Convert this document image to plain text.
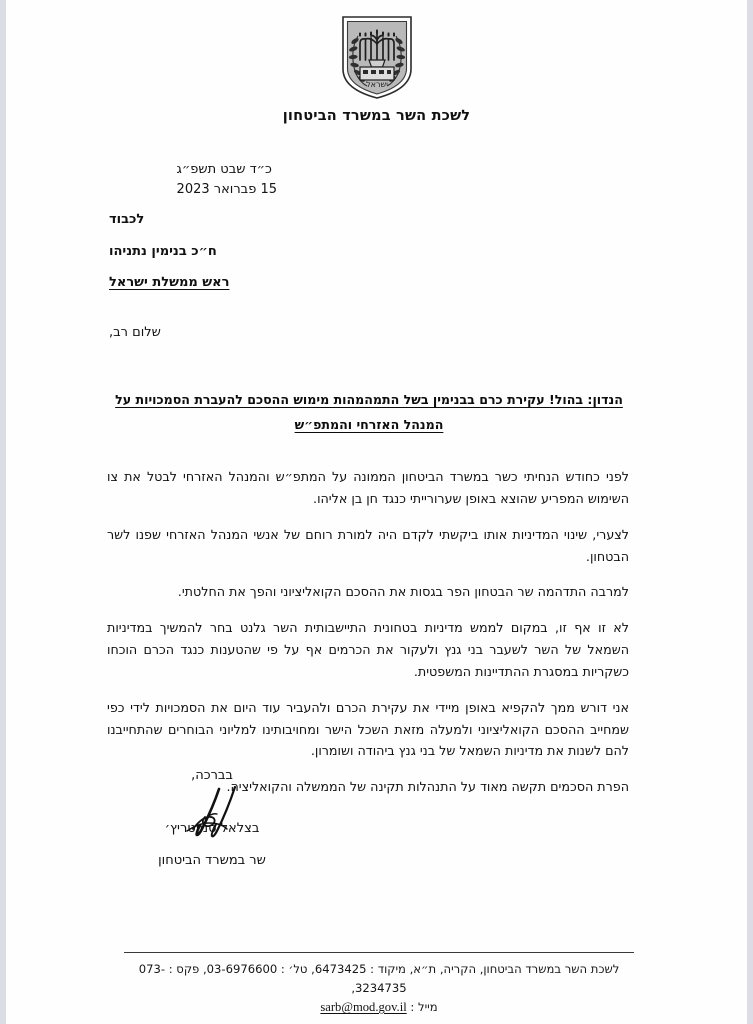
ישראל
לשכת השר במשרד הביטחון
כ״ד שבט תשפ״ג
15 פברואר 2023
לכבוד
ח״כ בנימין נתניהו
ראש ממשלת ישראל
שלום רב,
הנדון: בהול! עקירת כרם בבנימין בשל התמהמהות מימוש ההסכם להעברת הסמכויות על
המנהל האזרחי והמתפ״ש

לפני כחודש הנחיתי כשר במשרד הביטחון הממונה על המתפ״ש והמנהל האזרחי לבטל את צו השימוש המפריע שהוצא באופן שערורייתי כנגד חן בן אליהו.

לצערי, שינוי המדיניות אותו ביקשתי לקדם היה למורת רוחם של אנשי המנהל האזרחי שפנו לשר הבטחון.

למרבה התדהמה שר הבטחון הפר בגסות את ההסכם הקואליציוני והפך את החלטתי.

לא זו אף זו, במקום לממש מדיניות בטחונית התיישבותית השר גלנט בחר להמשיך במדיניות השמאל של השר לשעבר בני גנץ ולעקור את הכרמים אף על פי שהטענות כנגד הכרם הוכחו כשקריות במסגרת ההתדיינות המשפטית.

אני דורש ממך להקפיא באופן מיידי את עקירת הכרם ולהעביר עוד היום את הסמכויות לידי כפי שמחייב ההסכם הקואליציוני ולמעלה מזאת השכל הישר ומחויבותינו למליוני הבוחרים שהתחייבנו להם לשנות את מדיניות השמאל של בני גנץ ביהודה ושומרון.

הפרת הסכמים תקשה מאוד על התנהלות תקינה של הממשלה והקואליציה.

בברכה,
בצלאל סמוטריץ׳
שר במשרד הביטחון
לשכת השר במשרד הביטחון, הקריה, ת״א, מיקוד : 6473425, טל׳ : 03-6976600, פקס : 073-3234735,
מייל : sarb@mod.gov.il
